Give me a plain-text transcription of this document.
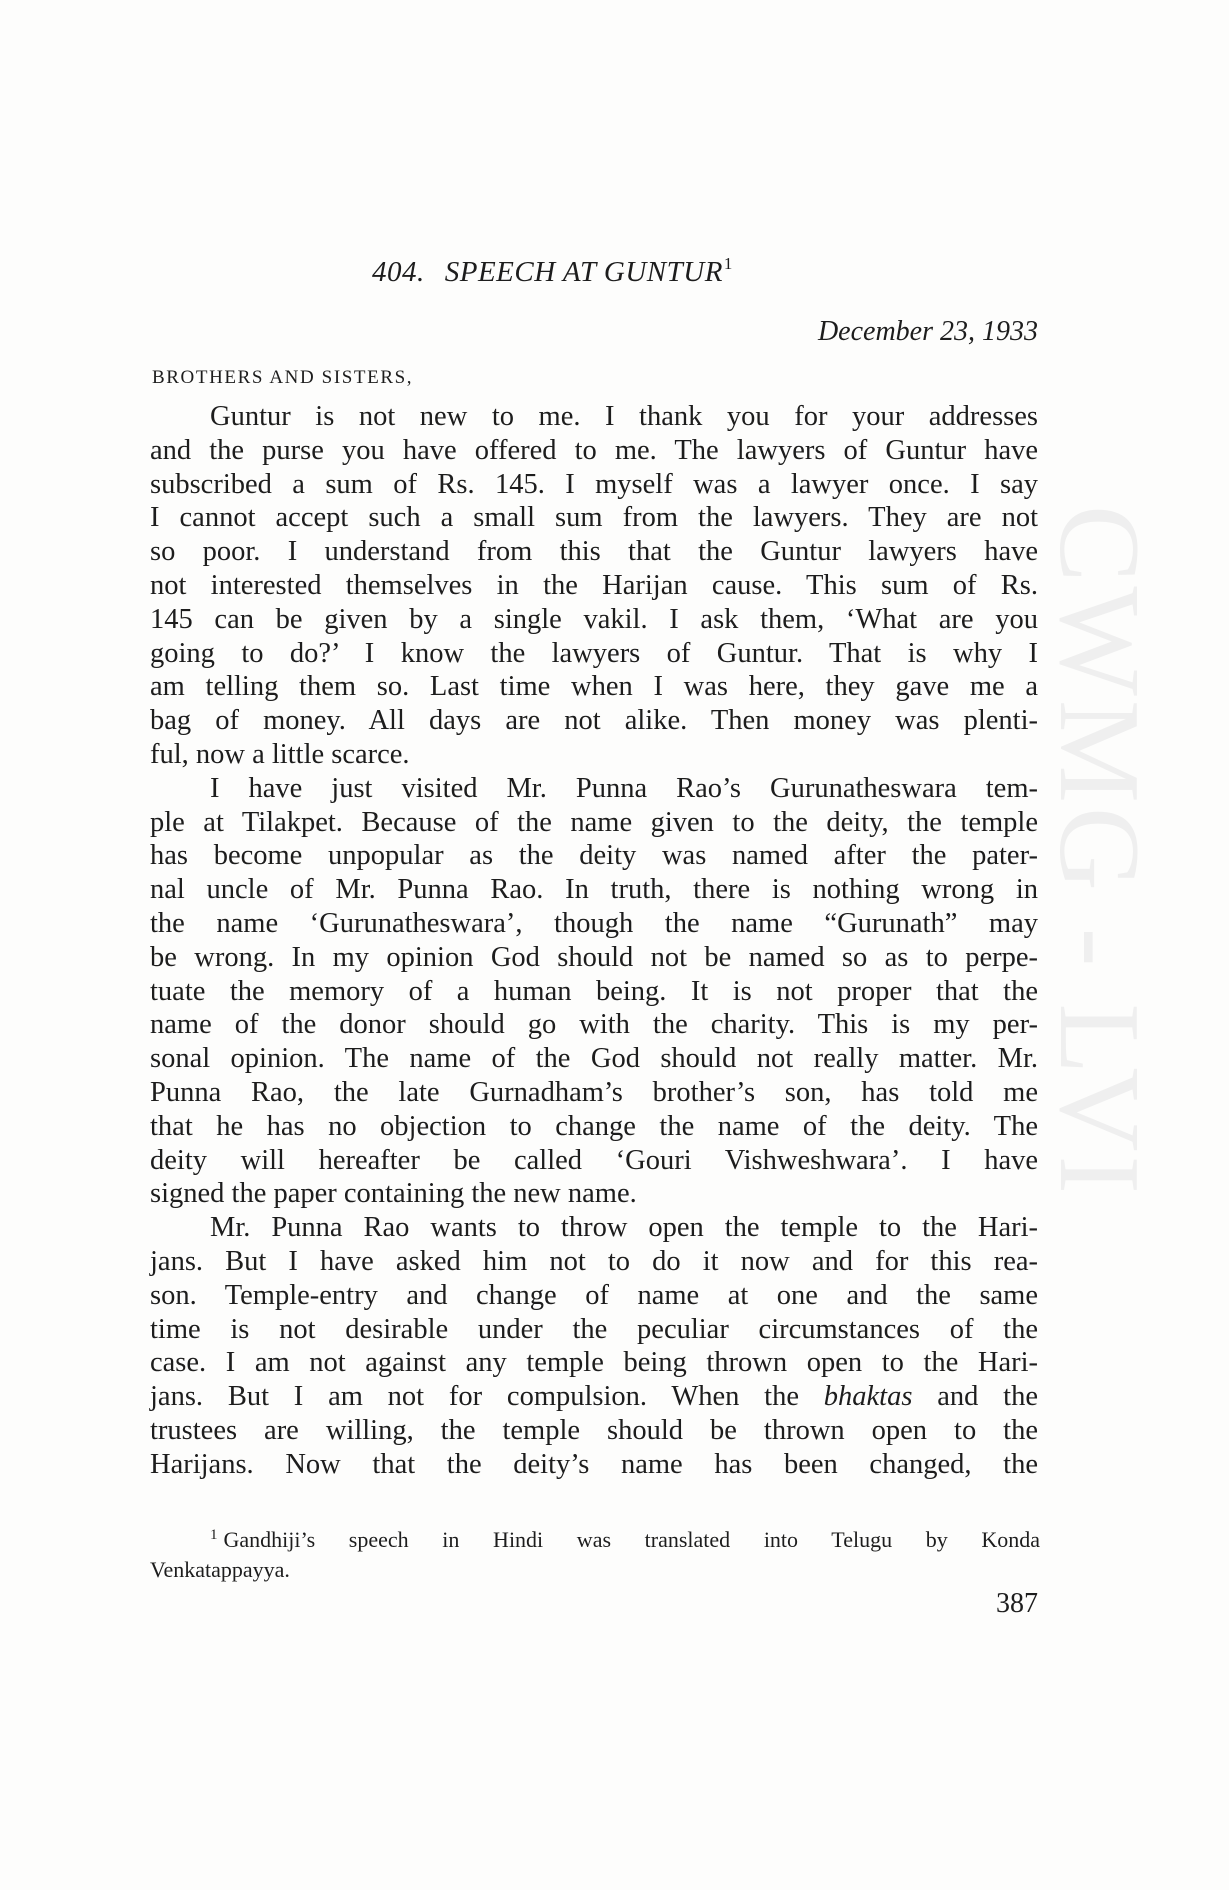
CWMG - LVI
404. SPEECH AT GUNTUR$^1$
December 23, 1933
BROTHERS AND SISTERS,

Guntur is not new to me. I thank you for your addresses
and the purse you have offered to me. The lawyers of Guntur have
subscribed a sum of Rs. 145. I myself was a lawyer once. I say
I cannot accept such a small sum from the lawyers. They are not
so poor. I understand from this that the Guntur lawyers have
not interested themselves in the Harijan cause. This sum of Rs.
145 can be given by a single vakil. I ask them, ‘What are you
going to do?’ I know the lawyers of Guntur. That is why I
am telling them so. Last time when I was here, they gave me a
bag of money. All days are not alike. Then money was plenti-
ful, now a little scarce.

I have just visited Mr. Punna Rao’s Gurunatheswara tem-
ple at Tilakpet. Because of the name given to the deity, the temple
has become unpopular as the deity was named after the pater-
nal uncle of Mr. Punna Rao. In truth, there is nothing wrong in
the name ‘Gurunatheswara’, though the name “Gurunath” may
be wrong. In my opinion God should not be named so as to perpe-
tuate the memory of a human being. It is not proper that the
name of the donor should go with the charity. This is my per-
sonal opinion. The name of the God should not really matter. Mr.
Punna Rao, the late Gurnadham’s brother’s son, has told me
that he has no objection to change the name of the deity. The
deity will hereafter be called ‘Gouri Vishweshwara’. I have
signed the paper containing the new name.

Mr. Punna Rao wants to throw open the temple to the Hari-
jans. But I have asked him not to do it now and for this rea-
son. Temple-entry and change of name at one and the same
time is not desirable under the peculiar circumstances of the
case. I am not against any temple being thrown open to the Hari-
jans. But I am not for compulsion. When the bhaktas and the
trustees are willing, the temple should be thrown open to the
Harijans. Now that the deity’s name has been changed, the

$^1$ Gandhiji’s speech in Hindi was translated into Telugu by Konda
Venkatappayya.
387
